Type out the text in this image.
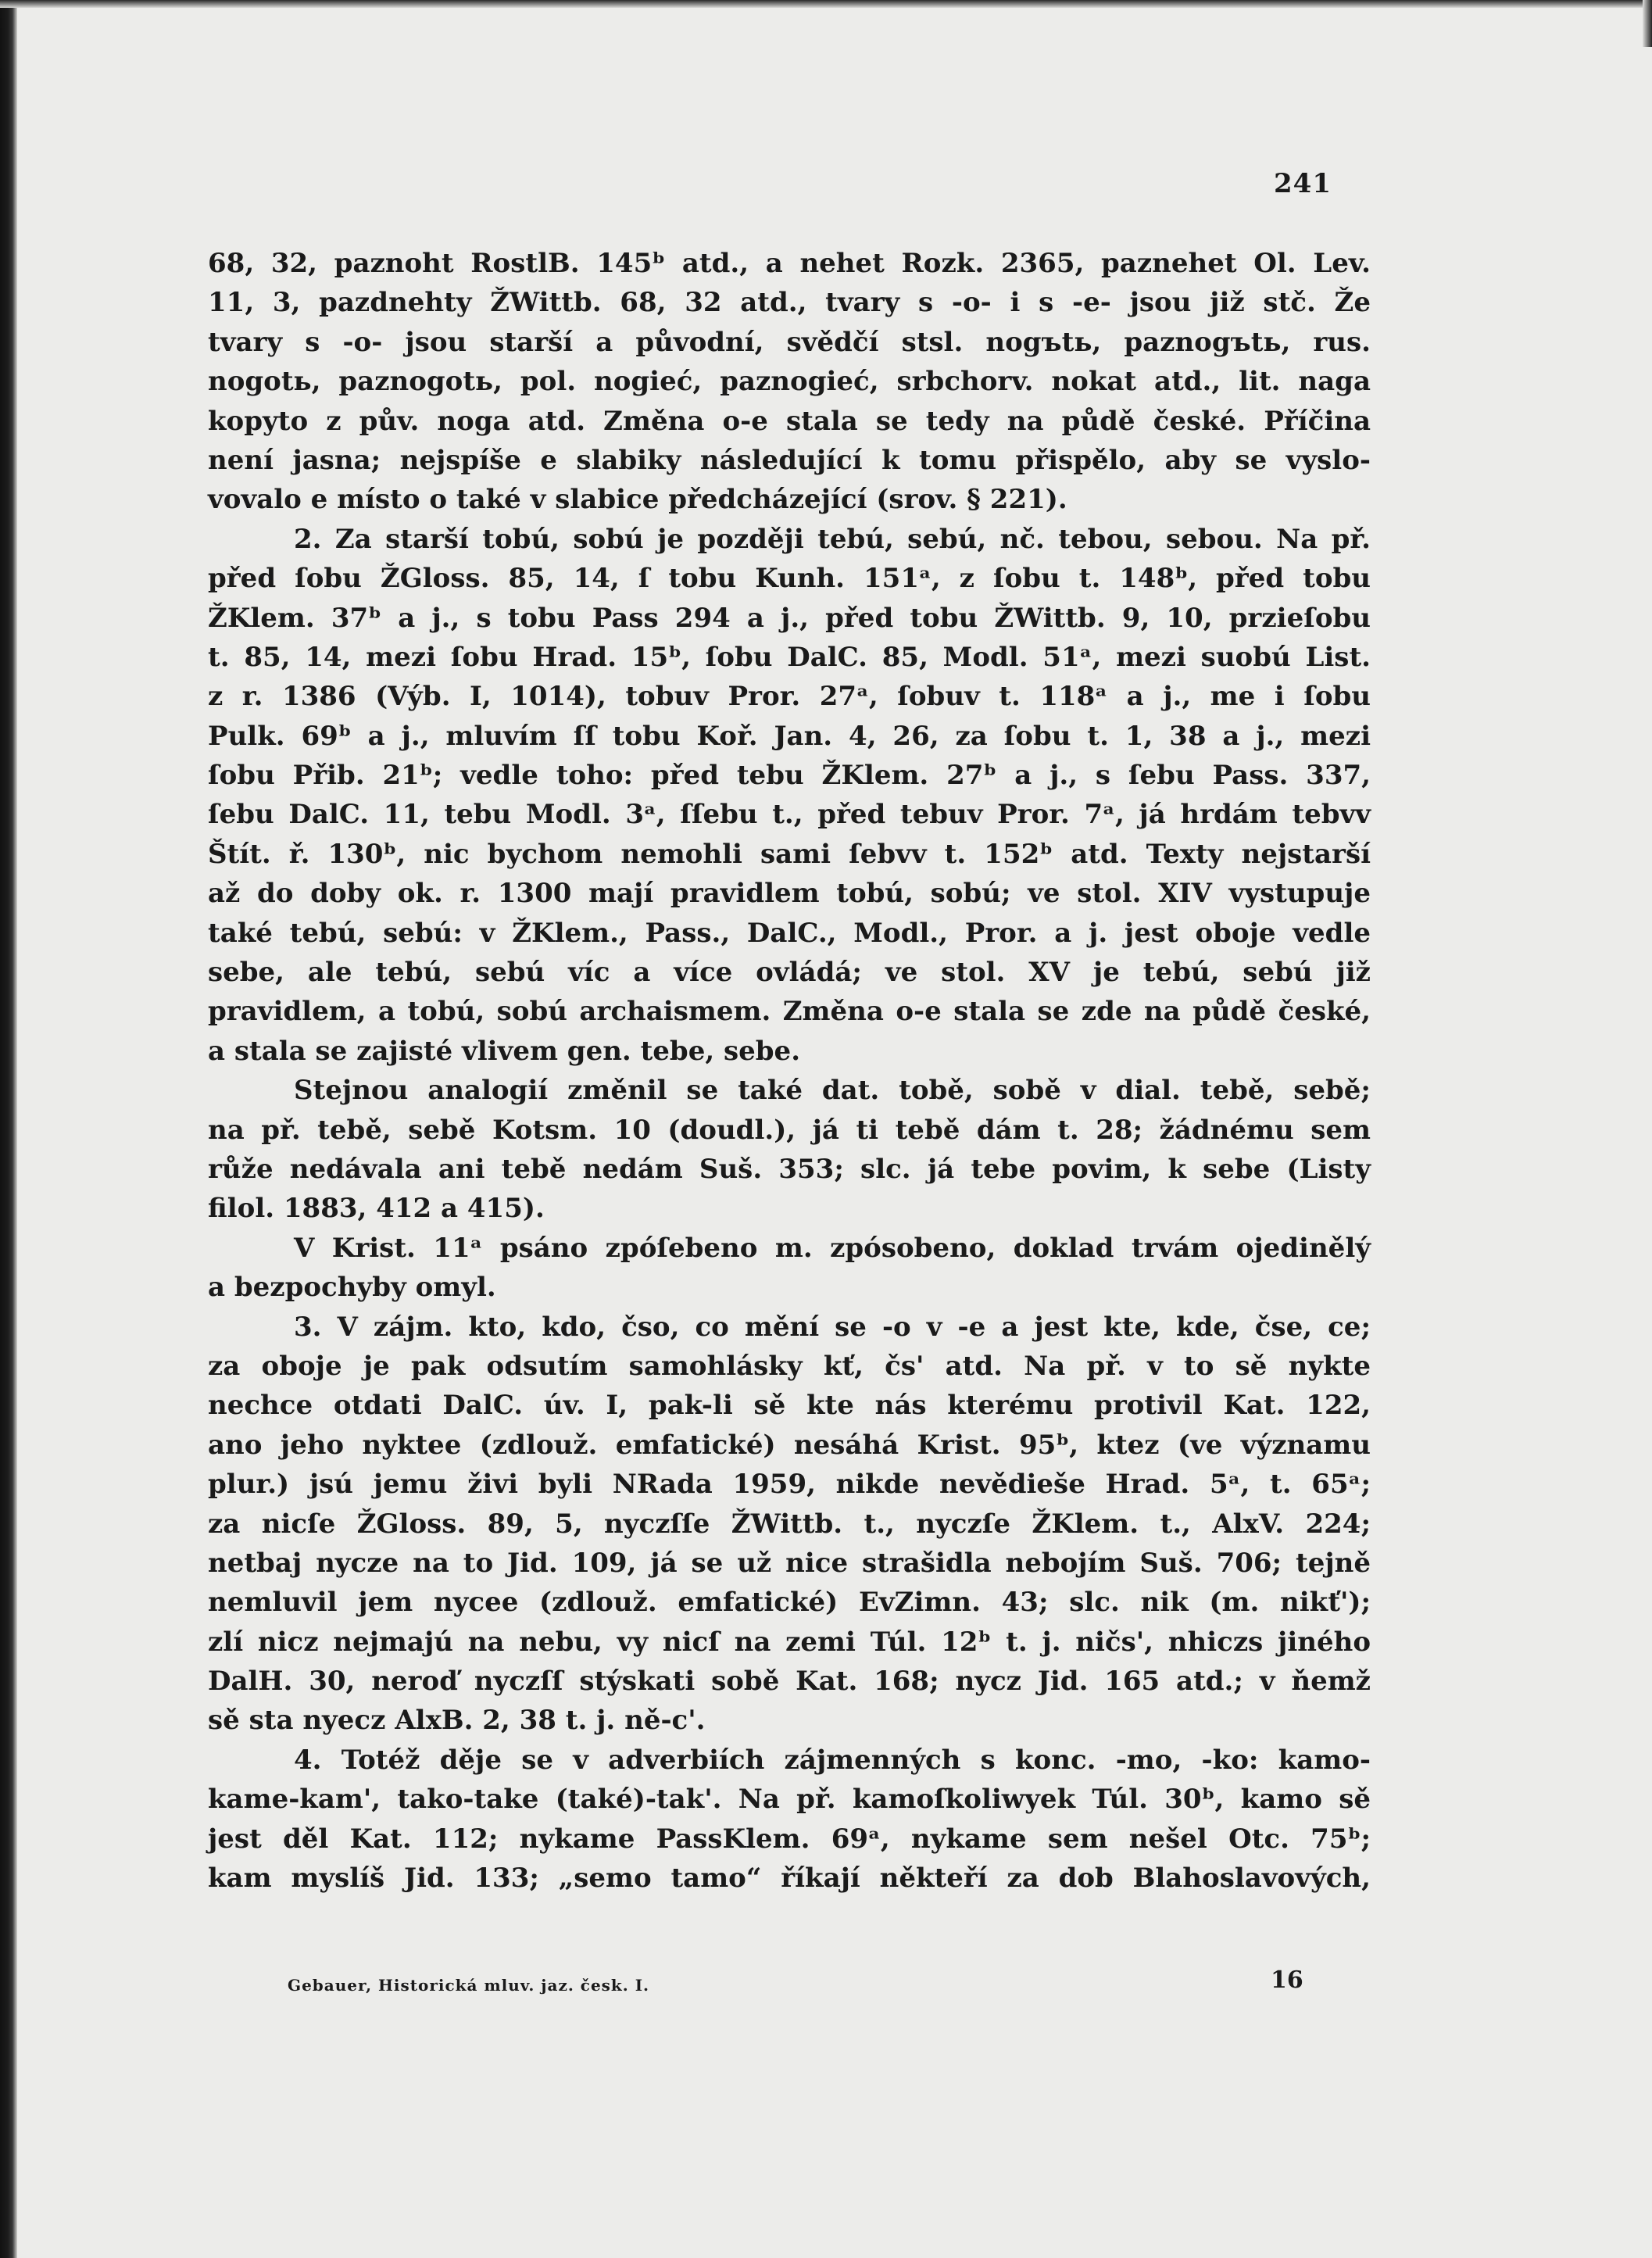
241
68, 32, paznoht RostlB. 145ᵇ atd., a nehet Rozk. 2365, paznehet Ol. Lev.
11, 3, pazdnehty ŽWittb. 68, 32 atd., tvary s -o- i s -e- jsou již stč. Že
tvary s -o- jsou starší a původní, svědčí stsl. nogъtь, paznogъtь, rus.
nogotь, paznogotь, pol. nogieć, paznogieć, srbchorv. nokat atd., lit. naga
kopyto z pův. noga atd. Změna o-e stala se tedy na půdě české. Příčina
není jasna; nejspíše e slabiky následující k tomu přispělo, aby se vyslo-
vovalo e místo o také v slabice předcházející (srov. § 221).
2. Za starší tobú, sobú je později tebú, sebú, nč. tebou, sebou. Na př.
před ſobu ŽGloss. 85, 14, ſ tobu Kunh. 151ᵃ, z ſobu t. 148ᵇ, před tobu
ŽKlem. 37ᵇ a j., s tobu Pass 294 a j., před tobu ŽWittb. 9, 10, przieſobu
t. 85, 14, mezi ſobu Hrad. 15ᵇ, ſobu DalC. 85, Modl. 51ᵃ, mezi suobú List.
z r. 1386 (Výb. I, 1014), tobuv Pror. 27ᵃ, ſobuv t. 118ᵃ a j., me i ſobu
Pulk. 69ᵇ a j., mluvím ſſ tobu Koř. Jan. 4, 26, za ſobu t. 1, 38 a j., mezi
ſobu Přib. 21ᵇ; vedle toho: před tebu ŽKlem. 27ᵇ a j., s ſebu Pass. 337,
ſebu DalC. 11, tebu Modl. 3ᵃ, ſſebu t., před tebuv Pror. 7ᵃ, já hrdám tebvv
Štít. ř. 130ᵇ, nic bychom nemohli sami ſebvv t. 152ᵇ atd. Texty nejstarší
až do doby ok. r. 1300 mají pravidlem tobú, sobú; ve stol. XIV vystupuje
také tebú, sebú: v ŽKlem., Pass., DalC., Modl., Pror. a j. jest oboje vedle
sebe, ale tebú, sebú víc a více ovládá; ve stol. XV je tebú, sebú již
pravidlem, a tobú, sobú archaismem. Změna o-e stala se zde na půdě české,
a stala se zajisté vlivem gen. tebe, sebe.
Stejnou analogií změnil se také dat. tobě, sobě v dial. tebě, sebě;
na př. tebě, sebě Kotsm. 10 (doudl.), já ti tebě dám t. 28; žádnému sem
růže nedávala ani tebě nedám Suš. 353; slc. já tebe povim, k sebe (Listy
filol. 1883, 412 a 415).
V Krist. 11ᵃ psáno zpóſebeno m. zpósobeno, doklad trvám ojedinělý
a bezpochyby omyl.
3. V zájm. kto, kdo, čso, co mění se -o v -e a jest kte, kde, čse, ce;
za oboje je pak odsutím samohlásky kť, čs' atd. Na př. v to sě nykte
nechce otdati DalC. úv. I, pak-li sě kte nás kterému protivil Kat. 122,
ano jeho nyktee (zdlouž. emfatické) nesáhá Krist. 95ᵇ, ktez (ve významu
plur.) jsú jemu živi byli NRada 1959, nikde nevědieše Hrad. 5ᵃ, t. 65ᵃ;
za nicſe ŽGloss. 89, 5, nyczſſe ŽWittb. t., nyczſe ŽKlem. t., AlxV. 224;
netbaj nycze na to Jid. 109, já se už nice strašidla nebojím Suš. 706; tejně
nemluvil jem nycee (zdlouž. emfatické) EvZimn. 43; slc. nik (m. nikť');
zlí nicz nejmajú na nebu, vy nicſ na zemi Túl. 12ᵇ t. j. ničs', nhiczs jiného
DalH. 30, neroď nyczſſ stýskati sobě Kat. 168; nycz Jid. 165 atd.; v ňemž
sě sta nyecz AlxB. 2, 38 t. j. ně-c'.
4. Totéž děje se v adverbiích zájmenných s konc. -mo, -ko: kamo-
kame-kam', tako-take (také)-tak'. Na př. kamoſkoliwyek Túl. 30ᵇ, kamo sě
jest děl Kat. 112; nykame PassKlem. 69ᵃ, nykame sem nešel Otc. 75ᵇ;
kam myslíš Jid. 133; „semo tamo“ říkají někteří za dob Blahoslavových,
Gebauer, Historická mluv. jaz. česk. I.	16
